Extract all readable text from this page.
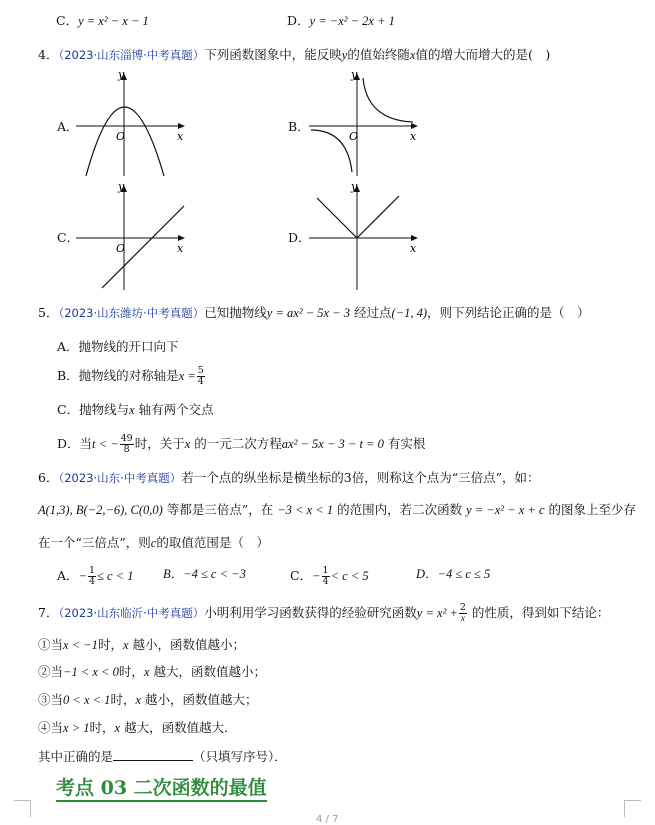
C．y = x² − x − 1	D．y = −x² − 2x + 1
4．（2023·山东淄博·中考真题）下列函数图象中，能反映y的值始终随x值的增大而增大的是(　)
A．	B．
C．	D．
y
x
O
y
x
O
y
x
O
y
x
5．（2023·山东潍坊·中考真题）已知抛物线y = ax² − 5x − 3 经过点(−1, 4)，则下列结论正确的是（　）
A．抛物线的开口向下
B．抛物线的对称轴是$x = \frac{5}{4}$
C．抛物线与x 轴有两个交点
D．当t < − $\frac{49}{8}$ 时，关于x 的一元二次方程ax² − 5x − 3 − t = 0 有实根
6．（2023·山东·中考真题）若一个点的纵坐标是横坐标的3倍，则称这个点为“三倍点”，如：
A(1,3), B(−2,−6), C(0,0) 等都是三倍点”，在 −3 < x < 1 的范围内，若二次函数 y = −x² − x + c 的图象上至少存
在一个“三倍点”，则c的取值范围是（　）
A．− $\frac{1}{4} \le c < 1$ B．−4 ≤ c < −3	C．− $\frac{1}{4} < c < 5$	D．−4 ≤ c ≤ 5
7．（2023·山东临沂·中考真题）小明利用学习函数获得的经验研究函数$y = x^2 + \frac{2}{x}$ 的性质，得到如下结论：
①当x < −1时，x 越小，函数值越小；
②当−1 < x < 0时，x 越大，函数值越小；
③当0 < x < 1时，x 越小，函数值越大；
④当x > 1时，x 越大，函数值越大．
其中正确的是	（只填写序号）．
考点 03 二次函数的最值
4 / 7
